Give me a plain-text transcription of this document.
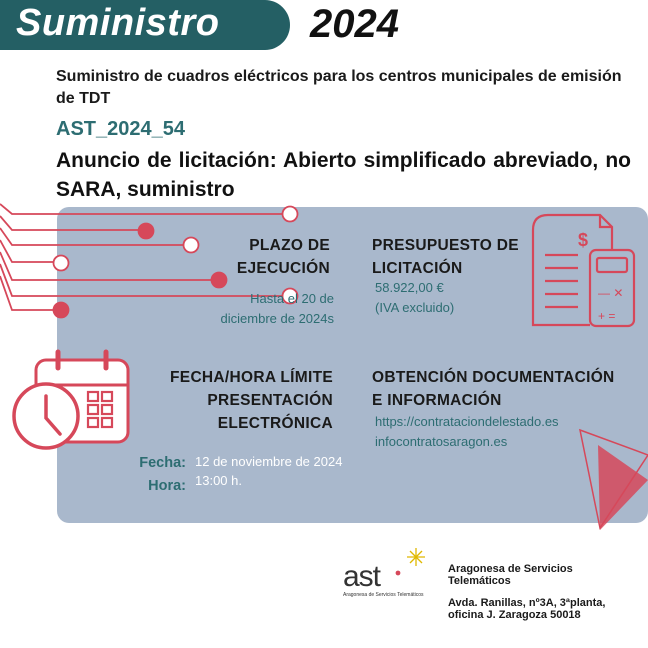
Suministro 2024
Suministro de cuadros eléctricos para los centros municipales de emisión de TDT
AST_2024_54
Anuncio de licitación: Abierto simplificado abreviado, no SARA, suministro
$
— ✕
+ =
PLAZO DE
EJECUCIÓN
Hasta el 20 de
diciembre de 2024s
PRESUPUESTO DE
LICITACIÓN
58.922,00 €
(IVA excluido)
FECHA/HORA LÍMITE
PRESENTACIÓN
ELECTRÓNICA
OBTENCIÓN DOCUMENTACIÓN
E INFORMACIÓN
https://contrataciondelestado.es
infocontratosaragon.es
Fecha:
Hora:
12 de noviembre de 2024
13:00 h.
ast
Aragonesa de Servicios Telemáticos
Aragonesa de Servicios
Telemáticos
Avda. Ranillas, nº3A, 3ªplanta,
oficina J. Zaragoza 50018
